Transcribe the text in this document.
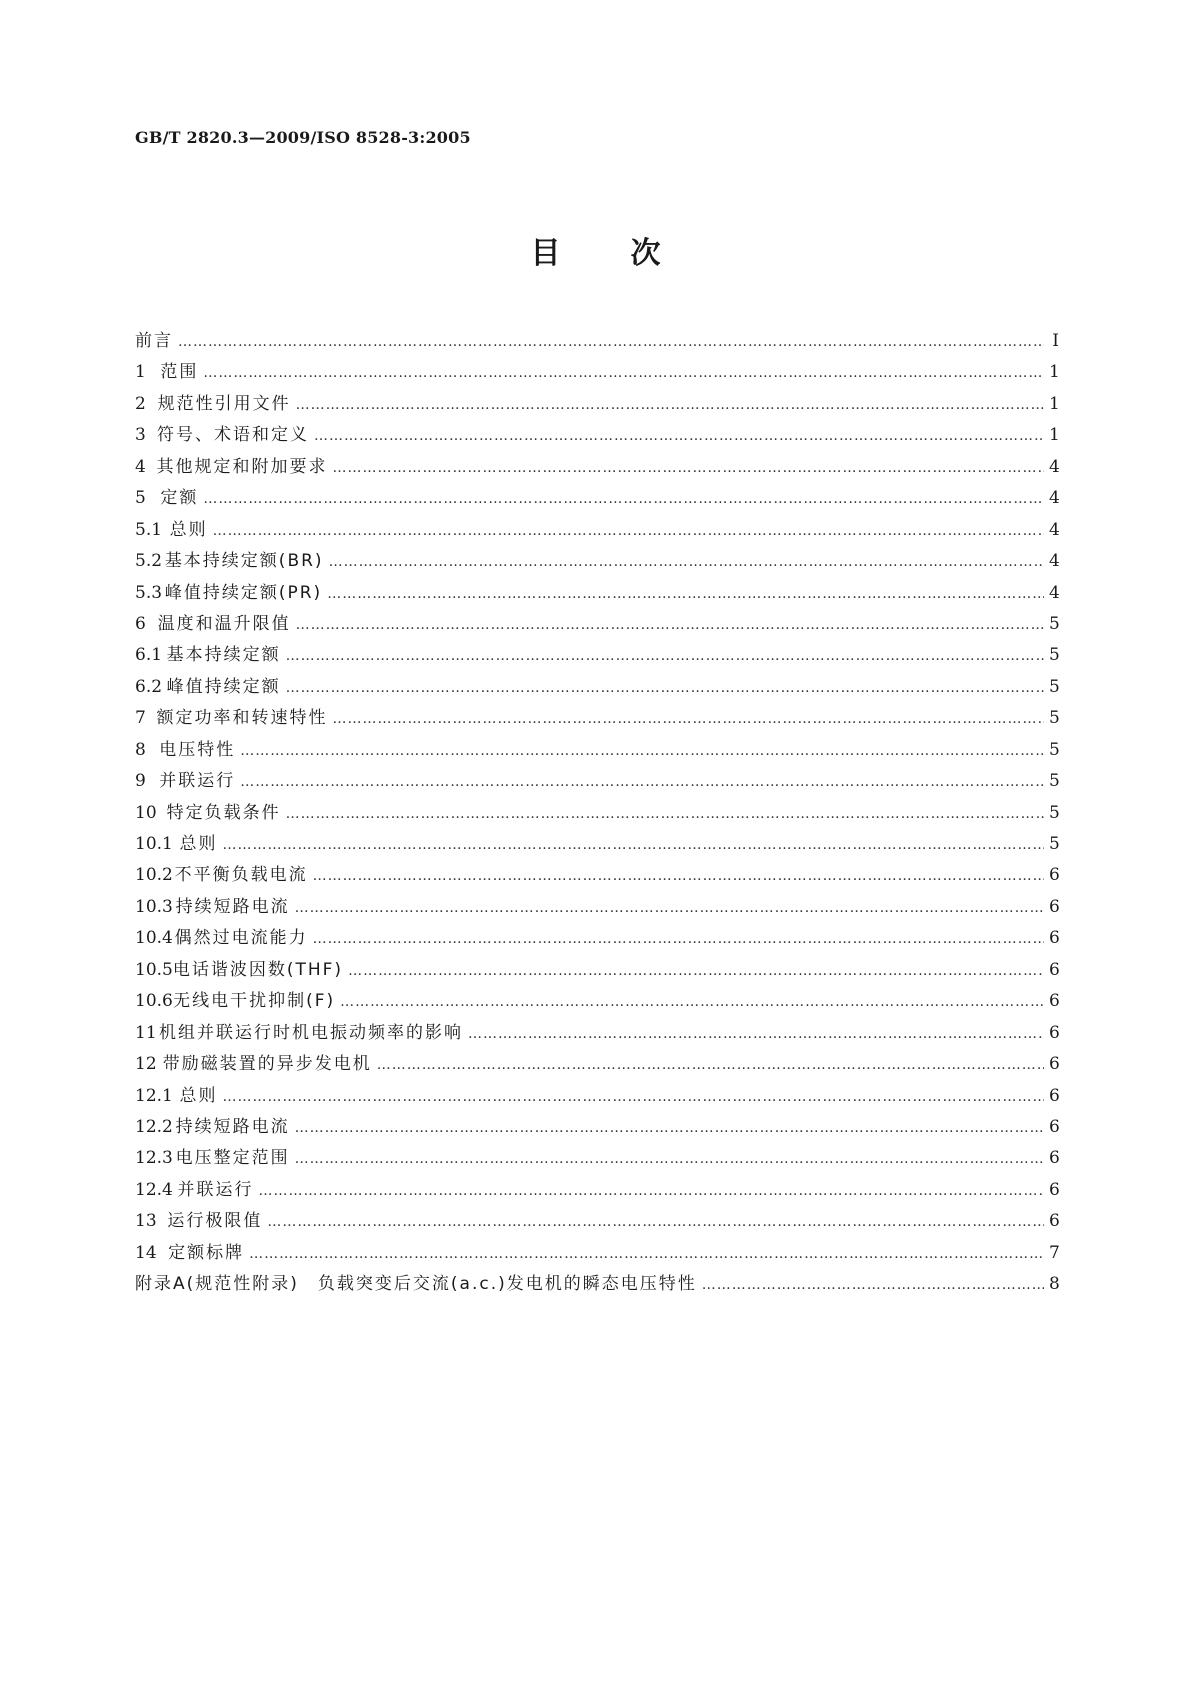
GB/T 2820.3—2009/ISO 8528-3:2005
目 次
前言 …………………………………………………………………………………………………………………………………………………………………………	I
1 范围 …………………………………………………………………………………………………………………………………………………………………………	1
2 规范性引用文件 …………………………………………………………………………………………………………………………………………………………………………	1
3 符号、术语和定义 …………………………………………………………………………………………………………………………………………………………………………	1
4 其他规定和附加要求 …………………………………………………………………………………………………………………………………………………………………………	4
5 定额 …………………………………………………………………………………………………………………………………………………………………………	4
5.1 总则 …………………………………………………………………………………………………………………………………………………………………………	4
5.2 基本持续定额(BR) …………………………………………………………………………………………………………………………………………………………………………	4
5.3 峰值持续定额(PR) …………………………………………………………………………………………………………………………………………………………………………	4
6 温度和温升限值 …………………………………………………………………………………………………………………………………………………………………………	5
6.1 基本持续定额 …………………………………………………………………………………………………………………………………………………………………………	5
6.2 峰值持续定额 …………………………………………………………………………………………………………………………………………………………………………	5
7 额定功率和转速特性 …………………………………………………………………………………………………………………………………………………………………………	5
8 电压特性 …………………………………………………………………………………………………………………………………………………………………………	5
9 并联运行 …………………………………………………………………………………………………………………………………………………………………………	5
10 特定负载条件 …………………………………………………………………………………………………………………………………………………………………………	5
10.1 总则 …………………………………………………………………………………………………………………………………………………………………………	5
10.2 不平衡负载电流 …………………………………………………………………………………………………………………………………………………………………………	6
10.3 持续短路电流 …………………………………………………………………………………………………………………………………………………………………………	6
10.4 偶然过电流能力 …………………………………………………………………………………………………………………………………………………………………………	6
10.5 电话谐波因数(THF) …………………………………………………………………………………………………………………………………………………………………………	6
10.6 无线电干扰抑制(F) …………………………………………………………………………………………………………………………………………………………………………	6
11 机组并联运行时机电振动频率的影响 …………………………………………………………………………………………………………………………………………………………………………	6
12 带励磁装置的异步发电机 …………………………………………………………………………………………………………………………………………………………………………	6
12.1 总则 …………………………………………………………………………………………………………………………………………………………………………	6
12.2 持续短路电流 …………………………………………………………………………………………………………………………………………………………………………	6
12.3 电压整定范围 …………………………………………………………………………………………………………………………………………………………………………	6
12.4 并联运行 …………………………………………………………………………………………………………………………………………………………………………	6
13 运行极限值 …………………………………………………………………………………………………………………………………………………………………………	6
14 定额标牌 …………………………………………………………………………………………………………………………………………………………………………	7
附录A(规范性附录)　负载突变后交流(a.c.)发电机的瞬态电压特性 …………………………………………………………………………………………………………………………………………………………………………	8
